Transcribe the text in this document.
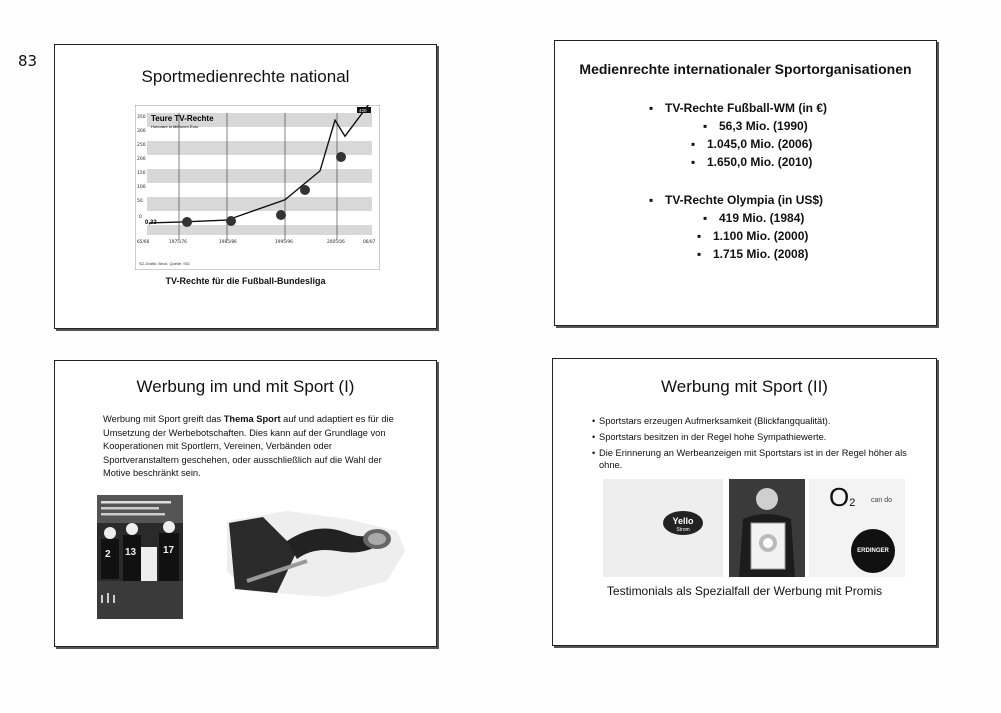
83
Sportmedienrechte national
350
300
250
200
150
100
50
0
Teure TV-Rechte
Honorare in Millionen Euro
0,33
420
65/66	1975/76	1985/86	1995/96	2005/06	06/07
SZ-Grafik: Beck; Quelle: SID
TV-Rechte für die Fußball-Bundesliga
Medienrechte internationaler Sportorganisationen
▪ TV-Rechte Fußball-WM (in €)
▪ 56,3 Mio. (1990)
▪ 1.045,0 Mio. (2006)
▪ 1.650,0 Mio. (2010)
▪ TV-Rechte Olympia (in US$)
▪ 419 Mio. (1984)
▪ 1.100 Mio. (2000)
▪ 1.715 Mio. (2008)
Werbung im und mit Sport (I)
Werbung mit Sport greift das Thema Sport auf und adaptiert es für die Umsetzung der Werbebotschaften. Dies kann auf der Grundlage von Kooperationen mit Sportlern, Vereinen, Verbänden oder Sportveranstaltern geschehen, oder ausschließlich auf die Wahl der Motive beschränkt sein.
2 13	17
Werbung mit Sport (II)
• Sportstars erzeugen Aufmerksamkeit (Blickfangqualität).
• Sportstars besitzen in der Regel hohe Sympathiewerte.
• Die Erinnerung an Werbeanzeigen mit Sportstars ist in der Regel höher als ohne.
Yello
Strom
O2 can do
ERDINGER
Testimonials als Spezialfall der Werbung mit Promis
